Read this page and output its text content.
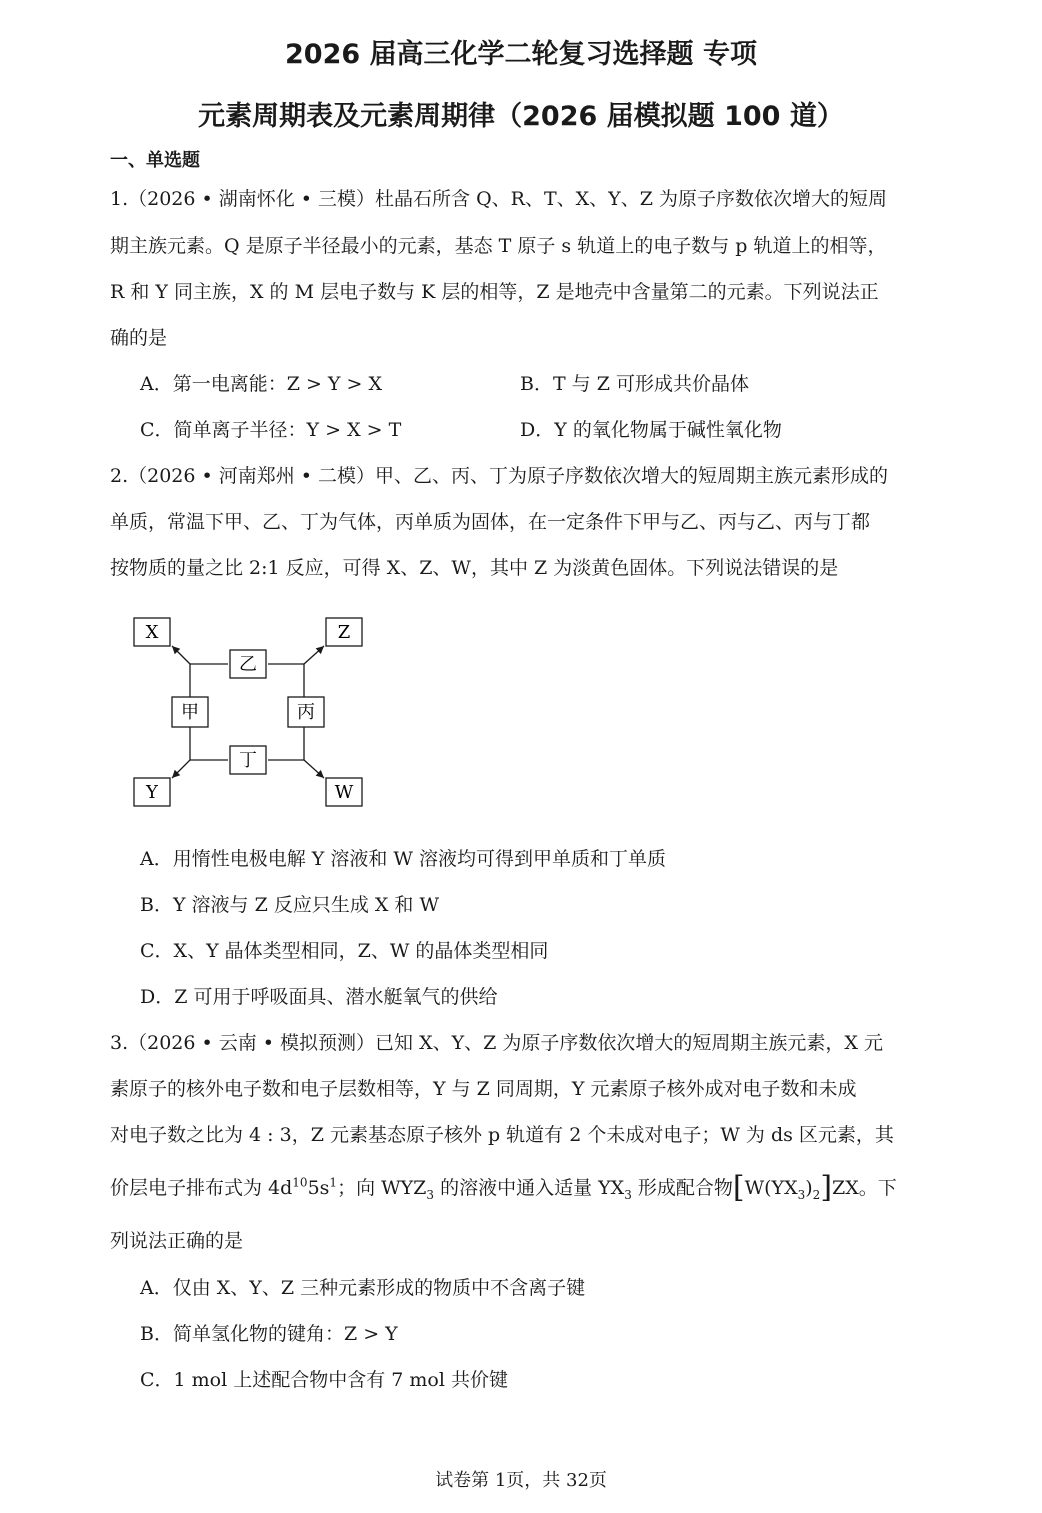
2026 届高三化学二轮复习选择题 专项
元素周期表及元素周期律（2026 届模拟题 100 道）
一、单选题
1.（2026 • 湖南怀化 • 三模）杜晶石所含 Q、R、T、X、Y、Z 为原子序数依次增大的短周
期主族元素。Q 是原子半径最小的元素，基态 T 原子 s 轨道上的电子数与 p 轨道上的相等，
R 和 Y 同主族，X 的 M 层电子数与 K 层的相等，Z 是地壳中含量第二的元素。下列说法正
确的是
A．第一电离能：Z > Y > X	B．T 与 Z 可形成共价晶体
C．简单离子半径：Y > X > T	D．Y 的氧化物属于碱性氧化物
2.（2026 • 河南郑州 • 二模）甲、乙、丙、丁为原子序数依次增大的短周期主族元素形成的
单质，常温下甲、乙、丁为气体，丙单质为固体，在一定条件下甲与乙、丙与乙、丙与丁都
按物质的量之比 2:1 反应，可得 X、Z、W，其中 Z 为淡黄色固体。下列说法错误的是
X	Z
Y	W
乙
甲	丙
丁
A．用惰性电极电解 Y 溶液和 W 溶液均可得到甲单质和丁单质
B．Y 溶液与 Z 反应只生成 X 和 W
C．X、Y 晶体类型相同，Z、W 的晶体类型相同
D．Z 可用于呼吸面具、潜水艇氧气的供给
3.（2026 • 云南 • 模拟预测）已知 X、Y、Z 为原子序数依次增大的短周期主族元素，X 元
素原子的核外电子数和电子层数相等，Y 与 Z 同周期，Y 元素原子核外成对电子数和未成
对电子数之比为 4 : 3，Z 元素基态原子核外 p 轨道有 2 个未成对电子；W 为 ds 区元素，其
价层电子排布式为 $4d^{10}5s^1$；向 $WYZ_3$ 的溶液中通入适量 $YX_3$ 形成配合物$[W(YX_3)_2]ZX$。下
列说法正确的是
A．仅由 X、Y、Z 三种元素形成的物质中不含离子键
B．简单氢化物的键角：Z > Y
C．1 mol 上述配合物中含有 7 mol 共价键
试卷第 1页，共 32页
